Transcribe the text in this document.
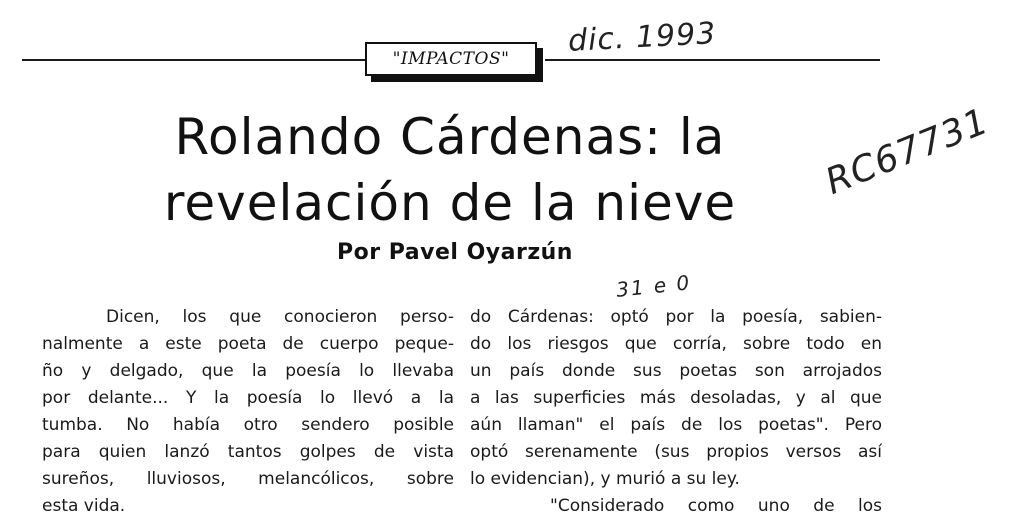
"IMPACTOS"
dic. 1993
RC67731
31 e 0
Rolando Cárdenas: la
revelación de la nieve
Por Pavel Oyarzún
Dicen, los que conocieron perso-
nalmente a este poeta de cuerpo peque-
ño y delgado, que la poesía lo llevaba
por delante... Y la poesía lo llevó a la
tumba. No había otro sendero posible
para quien lanzó tantos golpes de vista
sureños, lluviosos, melancólicos, sobre
esta vida.
do Cárdenas: optó por la poesía, sabien-
do los riesgos que corría, sobre todo en
un país donde sus poetas son arrojados
a las superficies más desoladas, y al que
aún llaman" el país de los poetas". Pero
optó serenamente (sus propios versos así
lo evidencian), y murió a su ley.
"Considerado como uno de los
